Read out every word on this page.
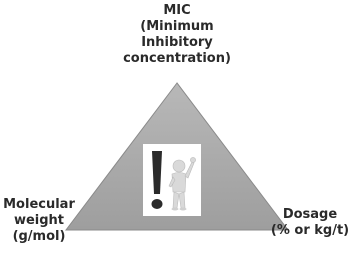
MIC
(Minimum
Inhibitory
concentration)
Molecular
weight
(g/mol)
Dosage
(% or kg/t)
